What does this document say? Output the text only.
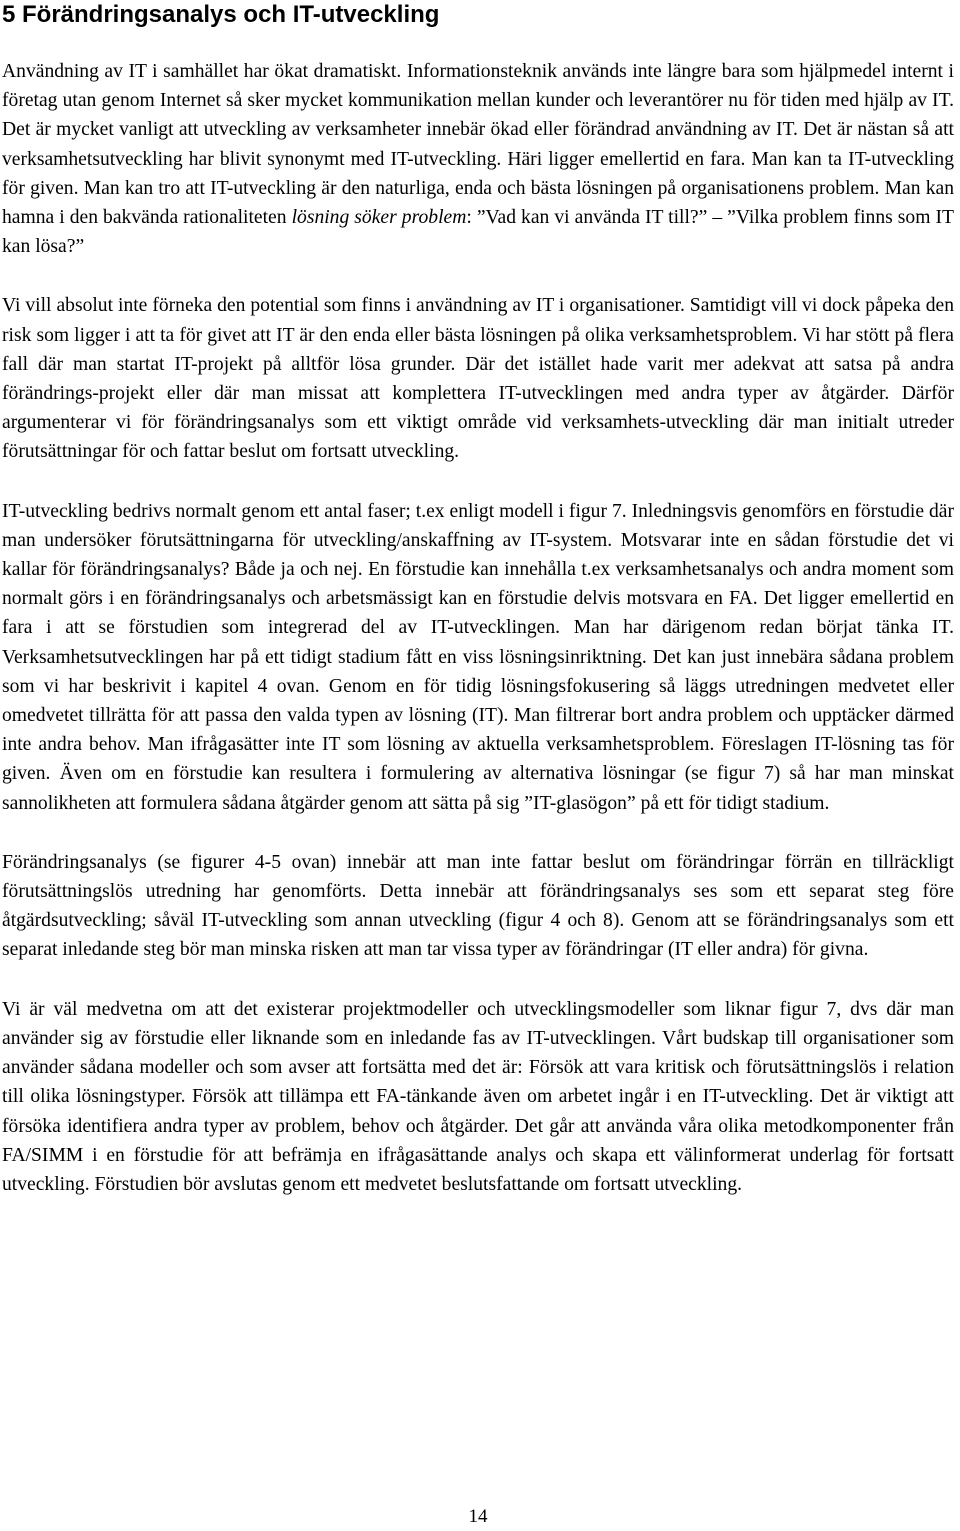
5 Förändringsanalys och IT-utveckling

Användning av IT i samhället har ökat dramatiskt. Informationsteknik används inte längre bara som hjälpmedel internt i företag utan genom Internet så sker mycket kommunikation mellan kunder och leverantörer nu för tiden med hjälp av IT. Det är mycket vanligt att utveckling av verksamheter innebär ökad eller förändrad användning av IT. Det är nästan så att verksamhetsutveckling har blivit synonymt med IT-utveckling. Häri ligger emellertid en fara. Man kan ta IT-utveckling för given. Man kan tro att IT-utveckling är den naturliga, enda och bästa lösningen på organisationens problem. Man kan hamna i den bakvända rationaliteten lösning söker problem: ”Vad kan vi använda IT till?” – ”Vilka problem finns som IT kan lösa?”

Vi vill absolut inte förneka den potential som finns i användning av IT i organisationer. Samtidigt vill vi dock påpeka den risk som ligger i att ta för givet att IT är den enda eller bästa lösningen på olika verksamhetsproblem. Vi har stött på flera fall där man startat IT-projekt på alltför lösa grunder. Där det istället hade varit mer adekvat att satsa på andra förändrings-projekt eller där man missat att komplettera IT-utvecklingen med andra typer av åtgärder. Därför argumenterar vi för förändringsanalys som ett viktigt område vid verksamhets-utveckling där man initialt utreder förutsättningar för och fattar beslut om fortsatt utveckling.

IT-utveckling bedrivs normalt genom ett antal faser; t.ex enligt modell i figur 7. Inledningsvis genomförs en förstudie där man undersöker förutsättningarna för utveckling/anskaffning av IT-system. Motsvarar inte en sådan förstudie det vi kallar för förändringsanalys? Både ja och nej. En förstudie kan innehålla t.ex verksamhetsanalys och andra moment som normalt görs i en förändringsanalys och arbetsmässigt kan en förstudie delvis motsvara en FA. Det ligger emellertid en fara i att se förstudien som integrerad del av IT-utvecklingen. Man har därigenom redan börjat tänka IT. Verksamhetsutvecklingen har på ett tidigt stadium fått en viss lösningsinriktning. Det kan just innebära sådana problem som vi har beskrivit i kapitel 4 ovan. Genom en för tidig lösningsfokusering så läggs utredningen medvetet eller omedvetet tillrätta för att passa den valda typen av lösning (IT). Man filtrerar bort andra problem och upptäcker därmed inte andra behov. Man ifrågasätter inte IT som lösning av aktuella verksamhetsproblem. Föreslagen IT-lösning tas för given. Även om en förstudie kan resultera i formulering av alternativa lösningar (se figur 7) så har man minskat sannolikheten att formulera sådana åtgärder genom att sätta på sig ”IT-glasögon” på ett för tidigt stadium.

Förändringsanalys (se figurer 4-5 ovan) innebär att man inte fattar beslut om förändringar förrän en tillräckligt förutsättningslös utredning har genomförts. Detta innebär att förändringsanalys ses som ett separat steg före åtgärdsutveckling; såväl IT-utveckling som annan utveckling (figur 4 och 8). Genom att se förändringsanalys som ett separat inledande steg bör man minska risken att man tar vissa typer av förändringar (IT eller andra) för givna.

Vi är väl medvetna om att det existerar projektmodeller och utvecklingsmodeller som liknar figur 7, dvs där man använder sig av förstudie eller liknande som en inledande fas av IT-utvecklingen. Vårt budskap till organisationer som använder sådana modeller och som avser att fortsätta med det är: Försök att vara kritisk och förutsättningslös i relation till olika lösningstyper. Försök att tillämpa ett FA-tänkande även om arbetet ingår i en IT-utveckling. Det är viktigt att försöka identifiera andra typer av problem, behov och åtgärder. Det går att använda våra olika metodkomponenter från FA/SIMM i en förstudie för att befrämja en ifrågasättande analys och skapa ett välinformerat underlag för fortsatt utveckling. Förstudien bör avslutas genom ett medvetet beslutsfattande om fortsatt utveckling.

14
